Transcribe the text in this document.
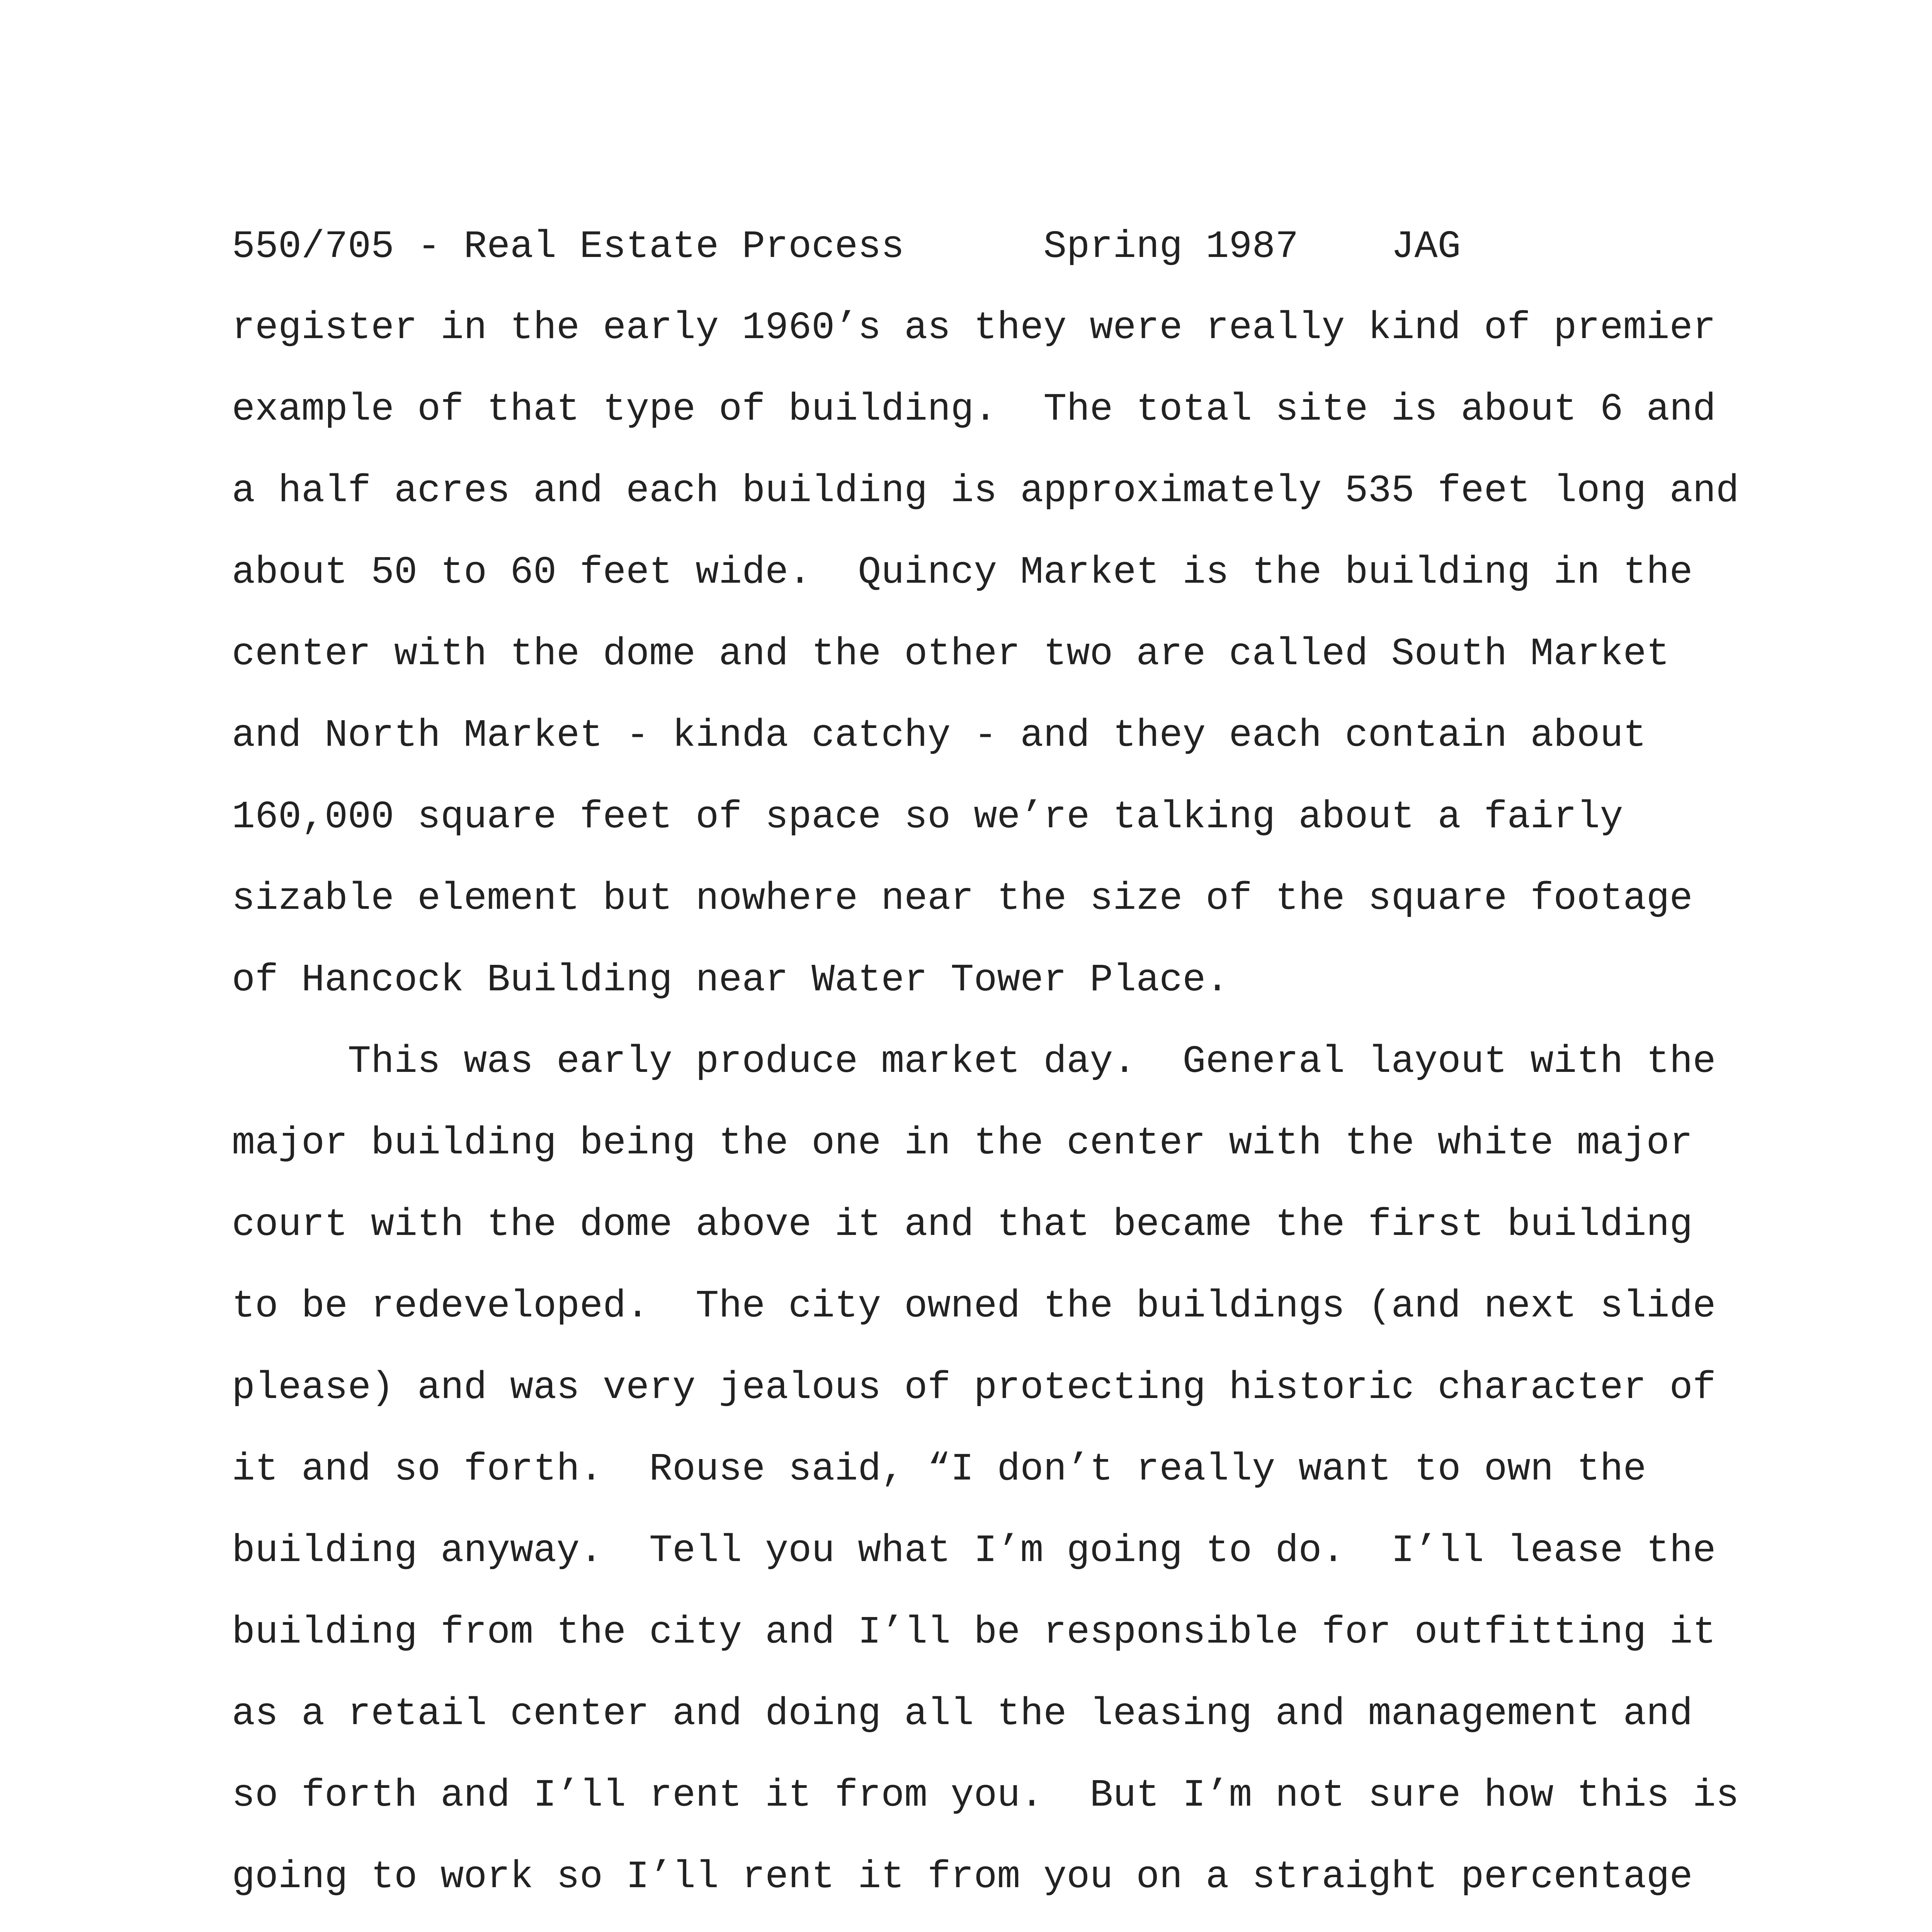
550/705 - Real Estate Process      Spring 1987    JAG

register in the early 1960’s as they were really kind of premier

example of that type of building.  The total site is about 6 and

a half acres and each building is approximately 535 feet long and

about 50 to 60 feet wide.  Quincy Market is the building in the

center with the dome and the other two are called South Market

and North Market - kinda catchy - and they each contain about

160,000 square feet of space so we’re talking about a fairly

sizable element but nowhere near the size of the square footage

of Hancock Building near Water Tower Place.

This was early produce market day.  General layout with the

major building being the one in the center with the white major

court with the dome above it and that became the first building

to be redeveloped.  The city owned the buildings (and next slide

please) and was very jealous of protecting historic character of

it and so forth.  Rouse said, “I don’t really want to own the

building anyway.  Tell you what I’m going to do.  I’ll lease the

building from the city and I’ll be responsible for outfitting it

as a retail center and doing all the leasing and management and

so forth and I’ll rent it from you.  But I’m not sure how this is

going to work so I’ll rent it from you on a straight percentage
